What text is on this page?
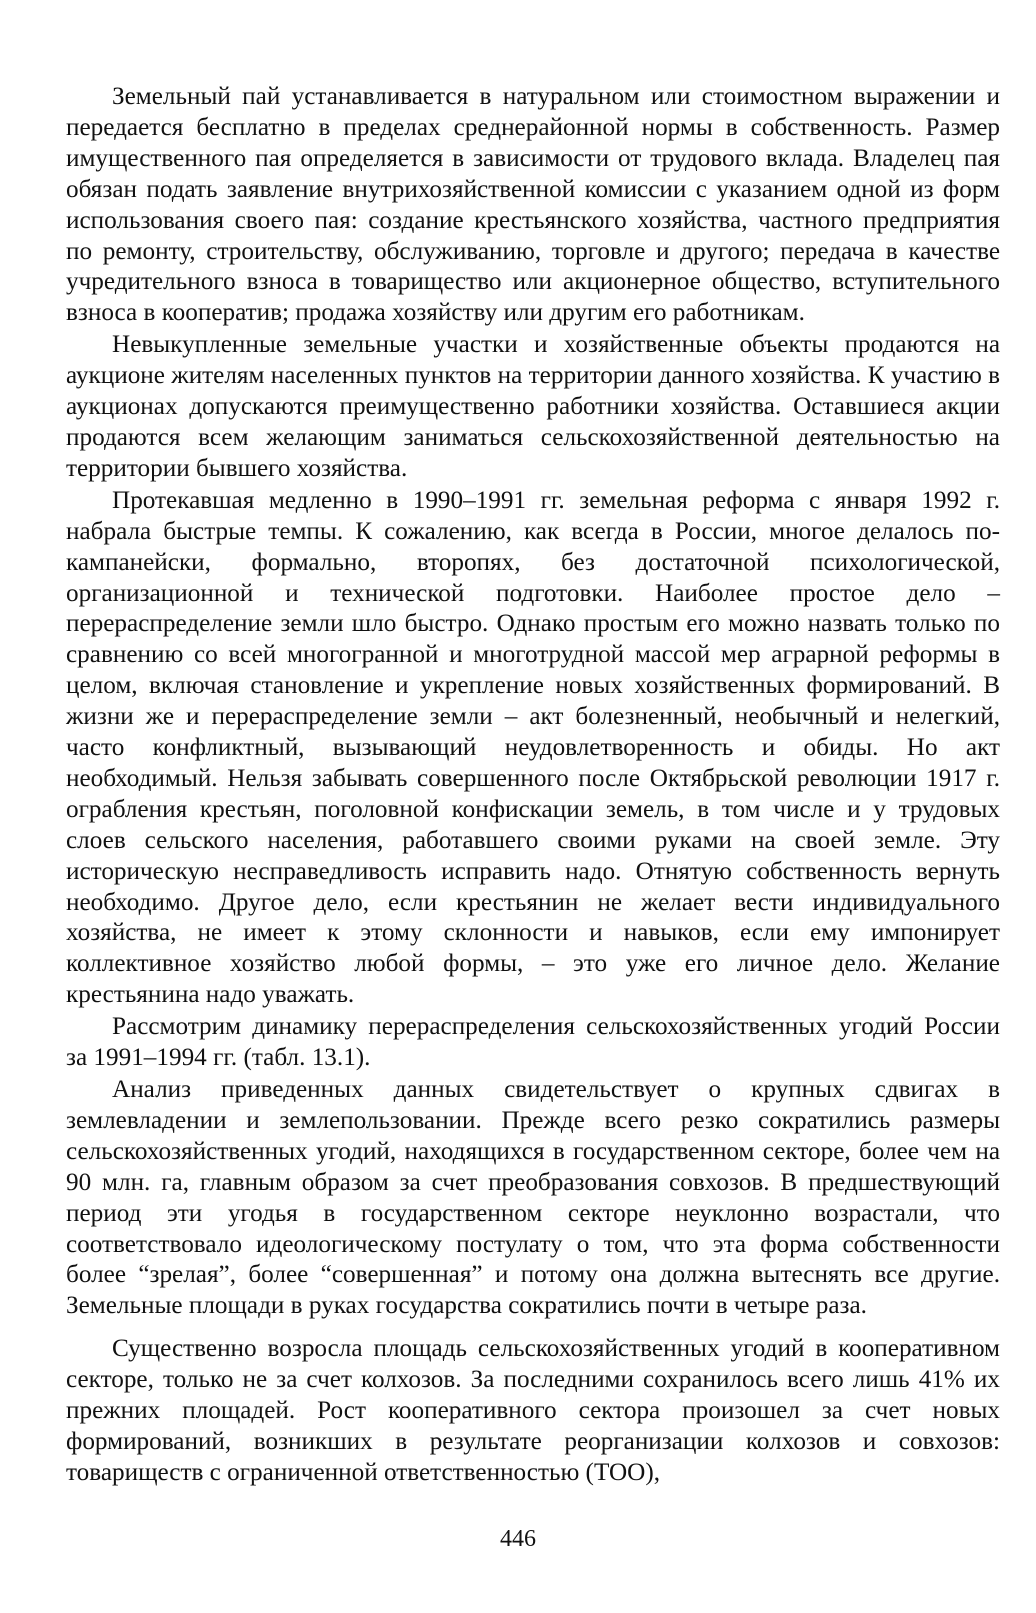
Земельный пай устанавливается в натуральном или стоимостном выражении и передается бесплатно в пределах среднерайонной нормы в собственность. Размер имущественного пая определяется в зависимости от трудового вклада. Владелец пая обязан подать заявление внутрихозяйственной комиссии с указанием одной из форм использования своего пая: создание крестьянского хозяйства, частного предприятия по ремонту, строительству, обслуживанию, торговле и другого; передача в качестве учредительного взноса в товарищество или акционерное общество, вступительного взноса в кооператив; продажа хозяйству или другим его работникам.

Невыкупленные земельные участки и хозяйственные объекты продаются на аукционе жителям населенных пунктов на территории данного хозяйства. К участию в аукционах допускаются преимущественно работники хозяйства. Оставшиеся акции продаются всем желающим заниматься сельскохозяйственной деятельностью на территории бывшего хозяйства.

Протекавшая медленно в 1990–1991 гг. земельная реформа с января 1992 г. набрала быстрые темпы. К сожалению, как всегда в России, многое делалось по-кампанейски, формально, второпях, без достаточной психологической, организационной и технической подготовки. Наиболее простое дело – перераспределение земли шло быстро. Однако простым его можно назвать только по сравнению со всей многогранной и многотрудной массой мер аграрной реформы в целом, включая становление и укрепление новых хозяйственных формирований. В жизни же и перераспределение земли – акт болезненный, необычный и нелегкий, часто конфликтный, вызывающий неудовлетворенность и обиды. Но акт необходимый. Нельзя забывать совершенного после Октябрьской революции 1917 г. ограбления крестьян, поголовной конфискации земель, в том числе и у трудовых слоев сельского населения, работавшего своими руками на своей земле. Эту историческую несправедливость исправить надо. Отнятую собственность вернуть необходимо. Другое дело, если крестьянин не желает вести индивидуального хозяйства, не имеет к этому склонности и навыков, если ему импонирует коллективное хозяйство любой формы, – это уже его личное дело. Желание крестьянина надо уважать.

Рассмотрим динамику перераспределения сельскохозяйственных угодий России за 1991–1994 гг. (табл. 13.1).

Анализ приведенных данных свидетельствует о крупных сдвигах в землевладении и землепользовании. Прежде всего резко сократились размеры сельскохозяйственных угодий, находящихся в государственном секторе, более чем на 90 млн. га, главным образом за счет преобразования совхозов. В предшествующий период эти угодья в государственном секторе неуклонно возрастали, что соответствовало идеологическому постулату о том, что эта форма собственности более “зрелая”, более “совершенная” и потому она должна вытеснять все другие. Земельные площади в руках государства сократились почти в четыре раза.

Существенно возросла площадь сельскохозяйственных угодий в кооперативном секторе, только не за счет колхозов. За последними сохранилось всего лишь 41% их прежних площадей. Рост кооперативного сектора произошел за счет новых формирований, возникших в результате реорганизации колхозов и совхозов: товариществ с ограниченной ответственностью (ТОО),

446
